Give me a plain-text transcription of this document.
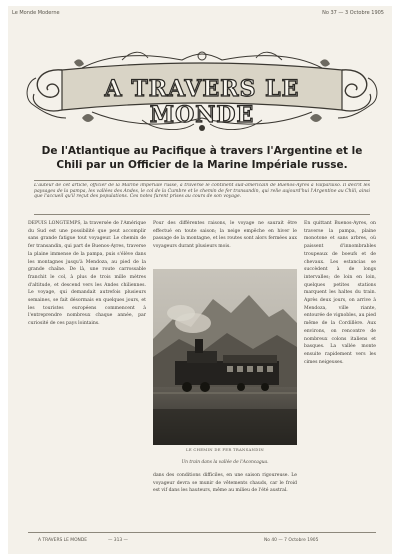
Le Monde Moderne	No 37 — 3 Octobre 1905
A TRAVERS LE MONDE
De l'Atlantique au Pacifique à travers l'Argentine et le Chili par un Officier de la Marine Impériale russe.
L'auteur de cet article, officier de la Marine impériale russe, a traversé le continent sud-américain de Buenos-Ayres à Valparaiso. Il décrit les paysages de la pampa, les vallées des Andes, le col de la Cumbre et le chemin de fer transandin, qui relie aujourd'hui l'Argentine au Chili, ainsi que l'accueil qu'il reçut des populations. Ces notes furent prises au cours de son voyage.
DEPUIS LONGTEMPS, la traversée de l'Amérique du Sud est une possibilité que peut accomplir sans grande fatigue tout voyageur. Le chemin de fer transandin, qui part de Buenos-Ayres, traverse la plaine immense de la pampa, puis s'élève dans les montagnes jusqu'à Mendoza, au pied de la grande chaîne. De là, une route carrossable franchit le col, à plus de trois mille mètres d'altitude, et descend vers les Andes chiliennes. Le voyage, qui demandait autrefois plusieurs semaines, se fait désormais en quelques jours, et les touristes européens commencent à l'entreprendre nombreux chaque année, par curiosité de ces pays lointains.
Pour des différentes raisons, le voyage ne saurait être effectué en toute saison; la neige empêche en hiver le passage de la montagne, et les routes sont alors fermées aux voyageurs durant plusieurs mois.
LE CHEMIN DE FER TRANSANDIN
Un train dans la vallée de l'Aconcagua.
En quittant Buenos-Ayres, on traverse la pampa, plaine monotone et sans arbres, où paissent d'innombrables troupeaux de boeufs et de chevaux. Les estancias se succèdent à de longs intervalles; de loin en loin, quelques petites stations marquent les haltes du train. Après deux jours, on arrive à Mendoza, ville riante, entourée de vignobles, au pied même de la Cordillère. Aux environs, on rencontre de nombreux colons italiens et basques. La vallée monte ensuite rapidement vers les cimes neigeuses.
dans des conditions difficiles, en une saison rigoureuse. Le voyageur devra se munir de vêtements chauds, car le froid est vif dans les hauteurs, même au milieu de l'été austral.
A TRAVERS LE MONDE	— 313 —	No 40 — 7 Octobre 1905
